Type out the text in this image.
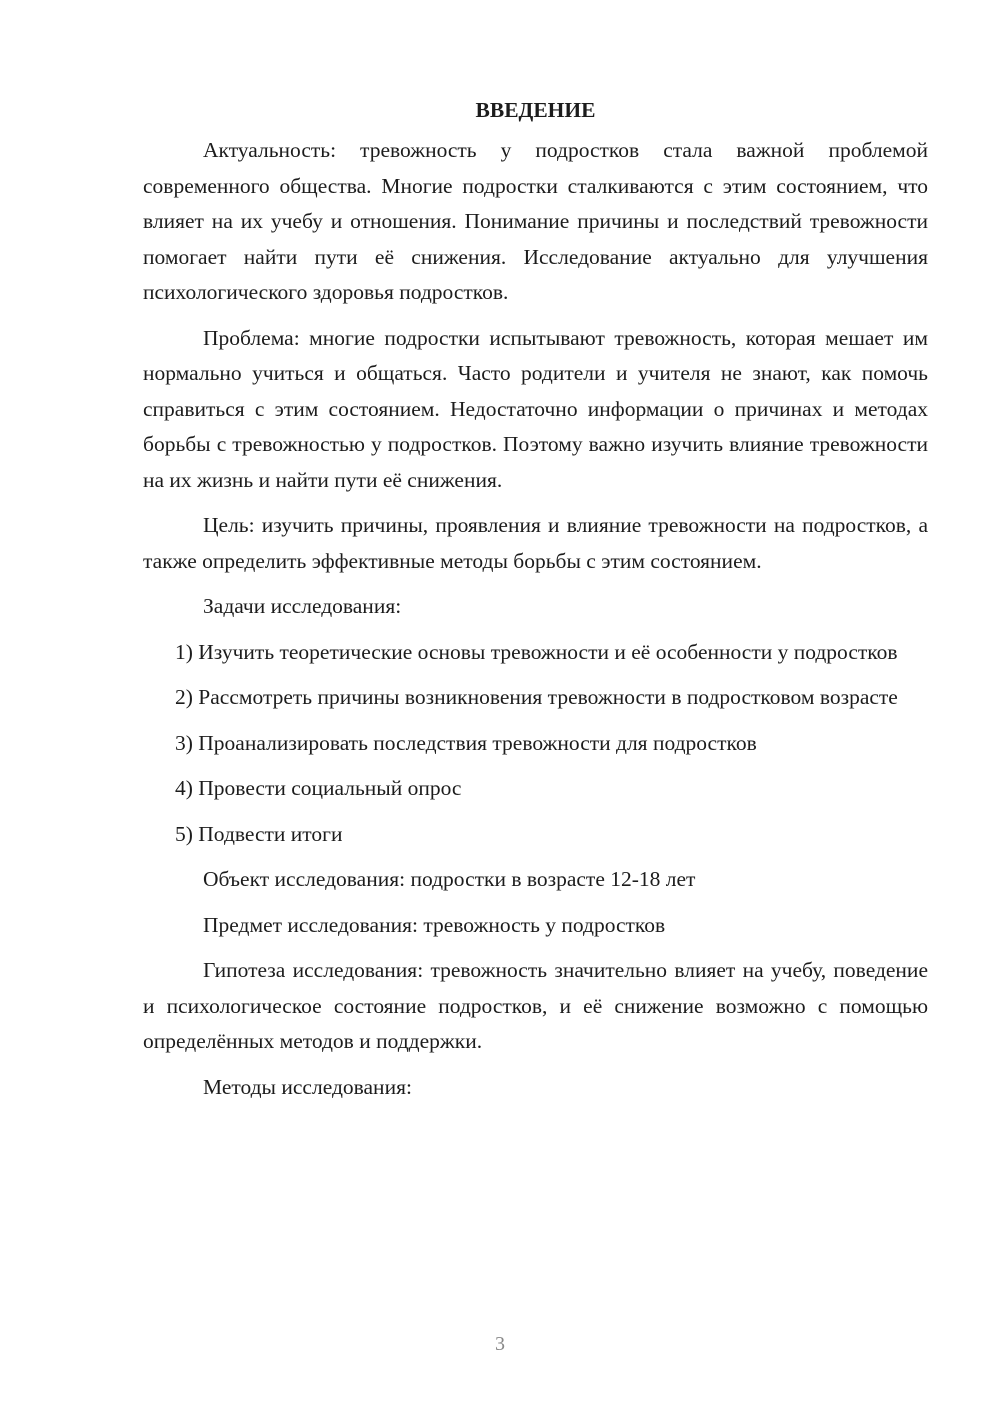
ВВЕДЕНИЕ

Актуальность: тревожность у подростков стала важной проблемой современного общества. Многие подростки сталкиваются с этим состоянием, что влияет на их учебу и отношения. Понимание причины и последствий тревожности помогает найти пути её снижения. Исследование актуально для улучшения психологического здоровья подростков.

Проблема: многие подростки испытывают тревожность, которая мешает им нормально учиться и общаться. Часто родители и учителя не знают, как помочь справиться с этим состоянием. Недостаточно информации о причинах и методах борьбы с тревожностью у подростков. Поэтому важно изучить влияние тревожности на их жизнь и найти пути её снижения.

Цель: изучить причины, проявления и влияние тревожности на подростков, а также определить эффективные методы борьбы с этим состоянием.

Задачи исследования:

1) Изучить теоретические основы тревожности и её особенности у подростков

2) Рассмотреть причины возникновения тревожности в подростковом возрасте

3) Проанализировать последствия тревожности для подростков

4) Провести социальный опрос

5) Подвести итоги

Объект исследования: подростки в возрасте 12-18 лет

Предмет исследования: тревожность у подростков

Гипотеза исследования: тревожность значительно влияет на учебу, поведение и психологическое состояние подростков, и её снижение возможно с помощью определённых методов и поддержки.

Методы исследования:

3
